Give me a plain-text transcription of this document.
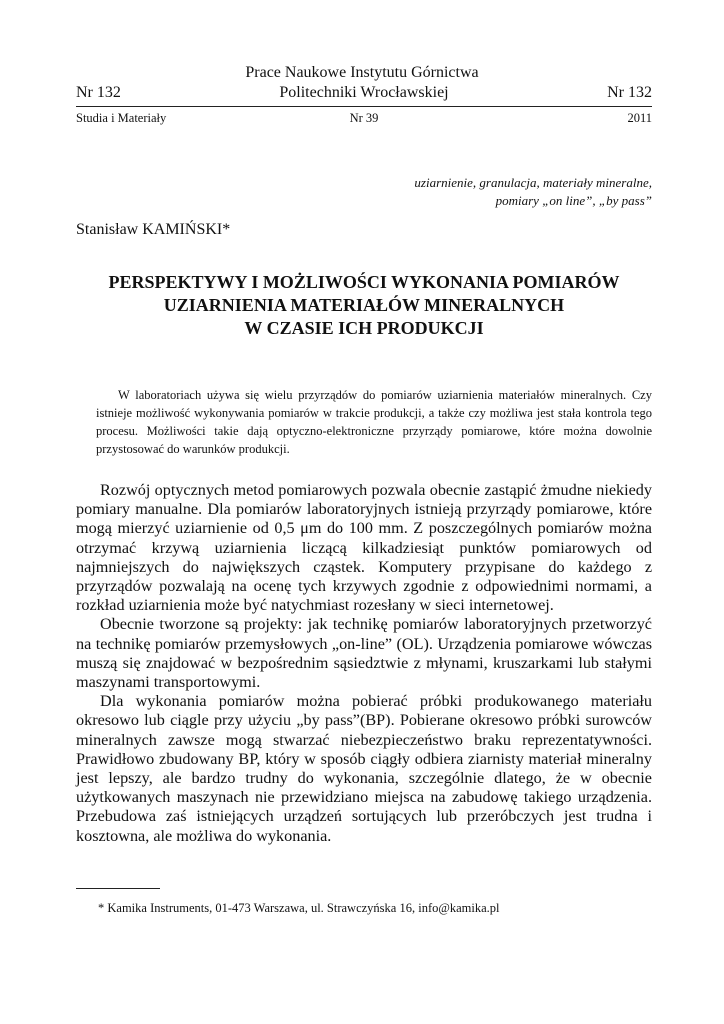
Prace Naukowe Instytutu Górnictwa
Nr 132	Politechniki Wrocławskiej	Nr 132
Studia i Materiały	Nr 39	2011
uziarnienie, granulacja, materiały mineralne,
pomiary „on line”, „by pass”
Stanisław KAMIŃSKI*
PERSPEKTYWY I MOŻLIWOŚCI WYKONANIA POMIARÓW
UZIARNIENIA MATERIAŁÓW MINERALNYCH
W CZASIE ICH PRODUKCJI

W laboratoriach używa się wielu przyrządów do pomiarów uziarnienia materiałów mineralnych. Czy istnieje możliwość wykonywania pomiarów w trakcie produkcji, a także czy możliwa jest stała kontrola tego procesu. Możliwości takie dają optyczno-elektroniczne przyrządy pomiarowe, które można dowolnie przystosować do warunków produkcji.

Rozwój optycznych metod pomiarowych pozwala obecnie zastąpić żmudne niekiedy pomiary manualne. Dla pomiarów laboratoryjnych istnieją przyrządy pomiarowe, które mogą mierzyć uziarnienie od 0,5 μm do 100 mm. Z poszczególnych pomiarów można otrzymać krzywą uziarnienia liczącą kilkadziesiąt punktów pomiarowych od najmniejszych do największych cząstek. Komputery przypisane do każdego z przyrządów pozwalają na ocenę tych krzywych zgodnie z odpowiednimi normami, a rozkład uziarnienia może być natychmiast rozesłany w sieci internetowej.

Obecnie tworzone są projekty: jak technikę pomiarów laboratoryjnych przetworzyć na technikę pomiarów przemysłowych „on-line” (OL). Urządzenia pomiarowe wówczas muszą się znajdować w bezpośrednim sąsiedztwie z młynami, kruszarkami lub stałymi maszynami transportowymi.

Dla wykonania pomiarów można pobierać próbki produkowanego materiału okresowo lub ciągle przy użyciu „by pass”(BP). Pobierane okresowo próbki surowców mineralnych zawsze mogą stwarzać niebezpieczeństwo braku reprezentatywności. Prawidłowo zbudowany BP, który w sposób ciągły odbiera ziarnisty materiał mineralny jest lepszy, ale bardzo trudny do wykonania, szczególnie dlatego, że w obecnie użytkowanych maszynach nie przewidziano miejsca na zabudowę takiego urządzenia. Przebudowa zaś istniejących urządzeń sortujących lub przeróbczych jest trudna i kosztowna, ale możliwa do wykonania.

* Kamika Instruments, 01-473 Warszawa, ul. Strawczyńska 16, info@kamika.pl
